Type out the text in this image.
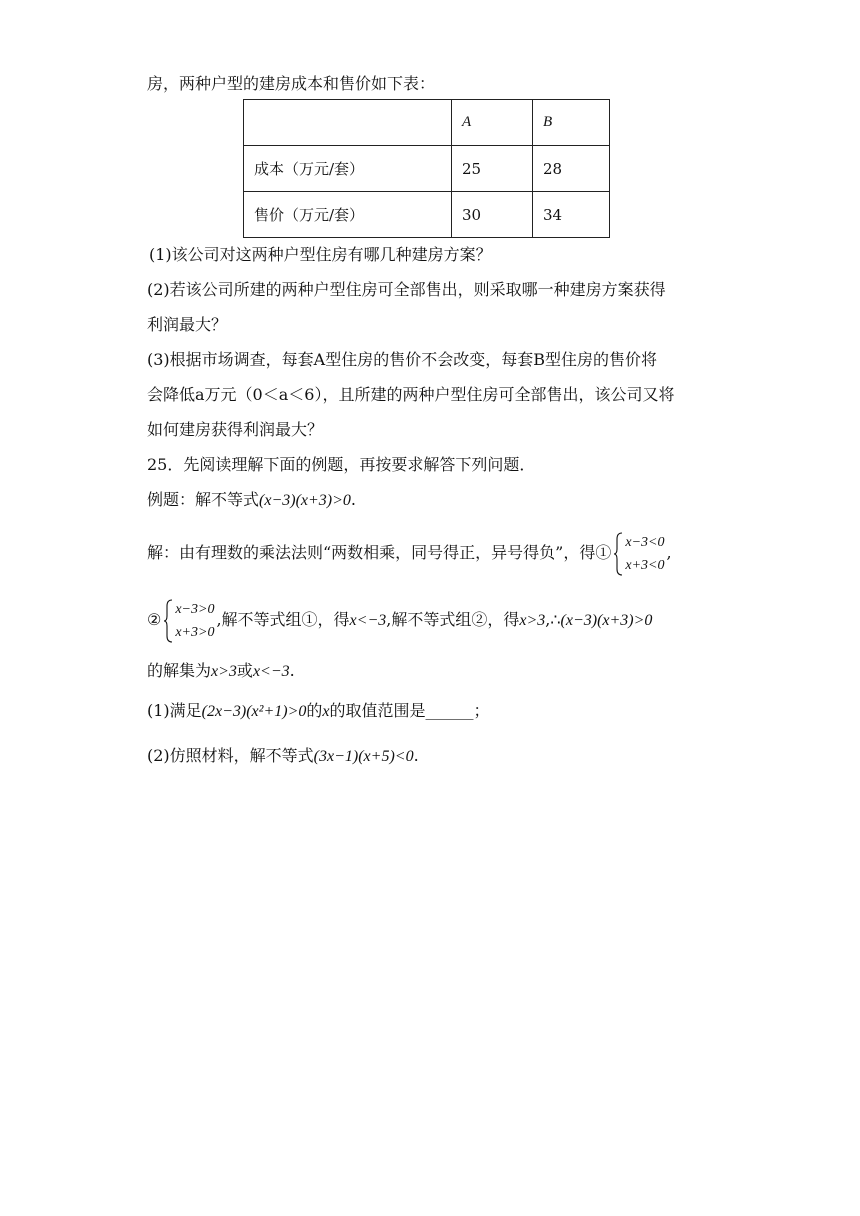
房，两种户型的建房成本和售价如下表：
	A	B
成本（万元/套）	25	28
售价（万元/套）	30	34
(1)该公司对这两种户型住房有哪几种建房方案？
(2)若该公司所建的两种户型住房可全部售出，则采取哪一种建房方案获得
利润最大？
(3)根据市场调查，每套A型住房的售价不会改变，每套B型住房的售价将
会降低a万元（0＜a＜6），且所建的两种户型住房可全部售出，该公司又将
如何建房获得利润最大？
25．先阅读理解下面的例题，再按要求解答下列问题．
例题：解不等式(x−3)(x+3)>0.
解：由有理数的乘法法则“两数相乘，同号得正，异号得负”，得①
x−3<0
x+3<0
,
②
x−3>0
x+3>0
,解不等式组①，得x<−3,解不等式组②，得x>3,∴(x−3)(x+3)>0
的解集为x>3或x<−3.
(1)满足(2x−3)(x²+1)>0的x的取值范围是______；
(2)仿照材料，解不等式(3x−1)(x+5)<0.
